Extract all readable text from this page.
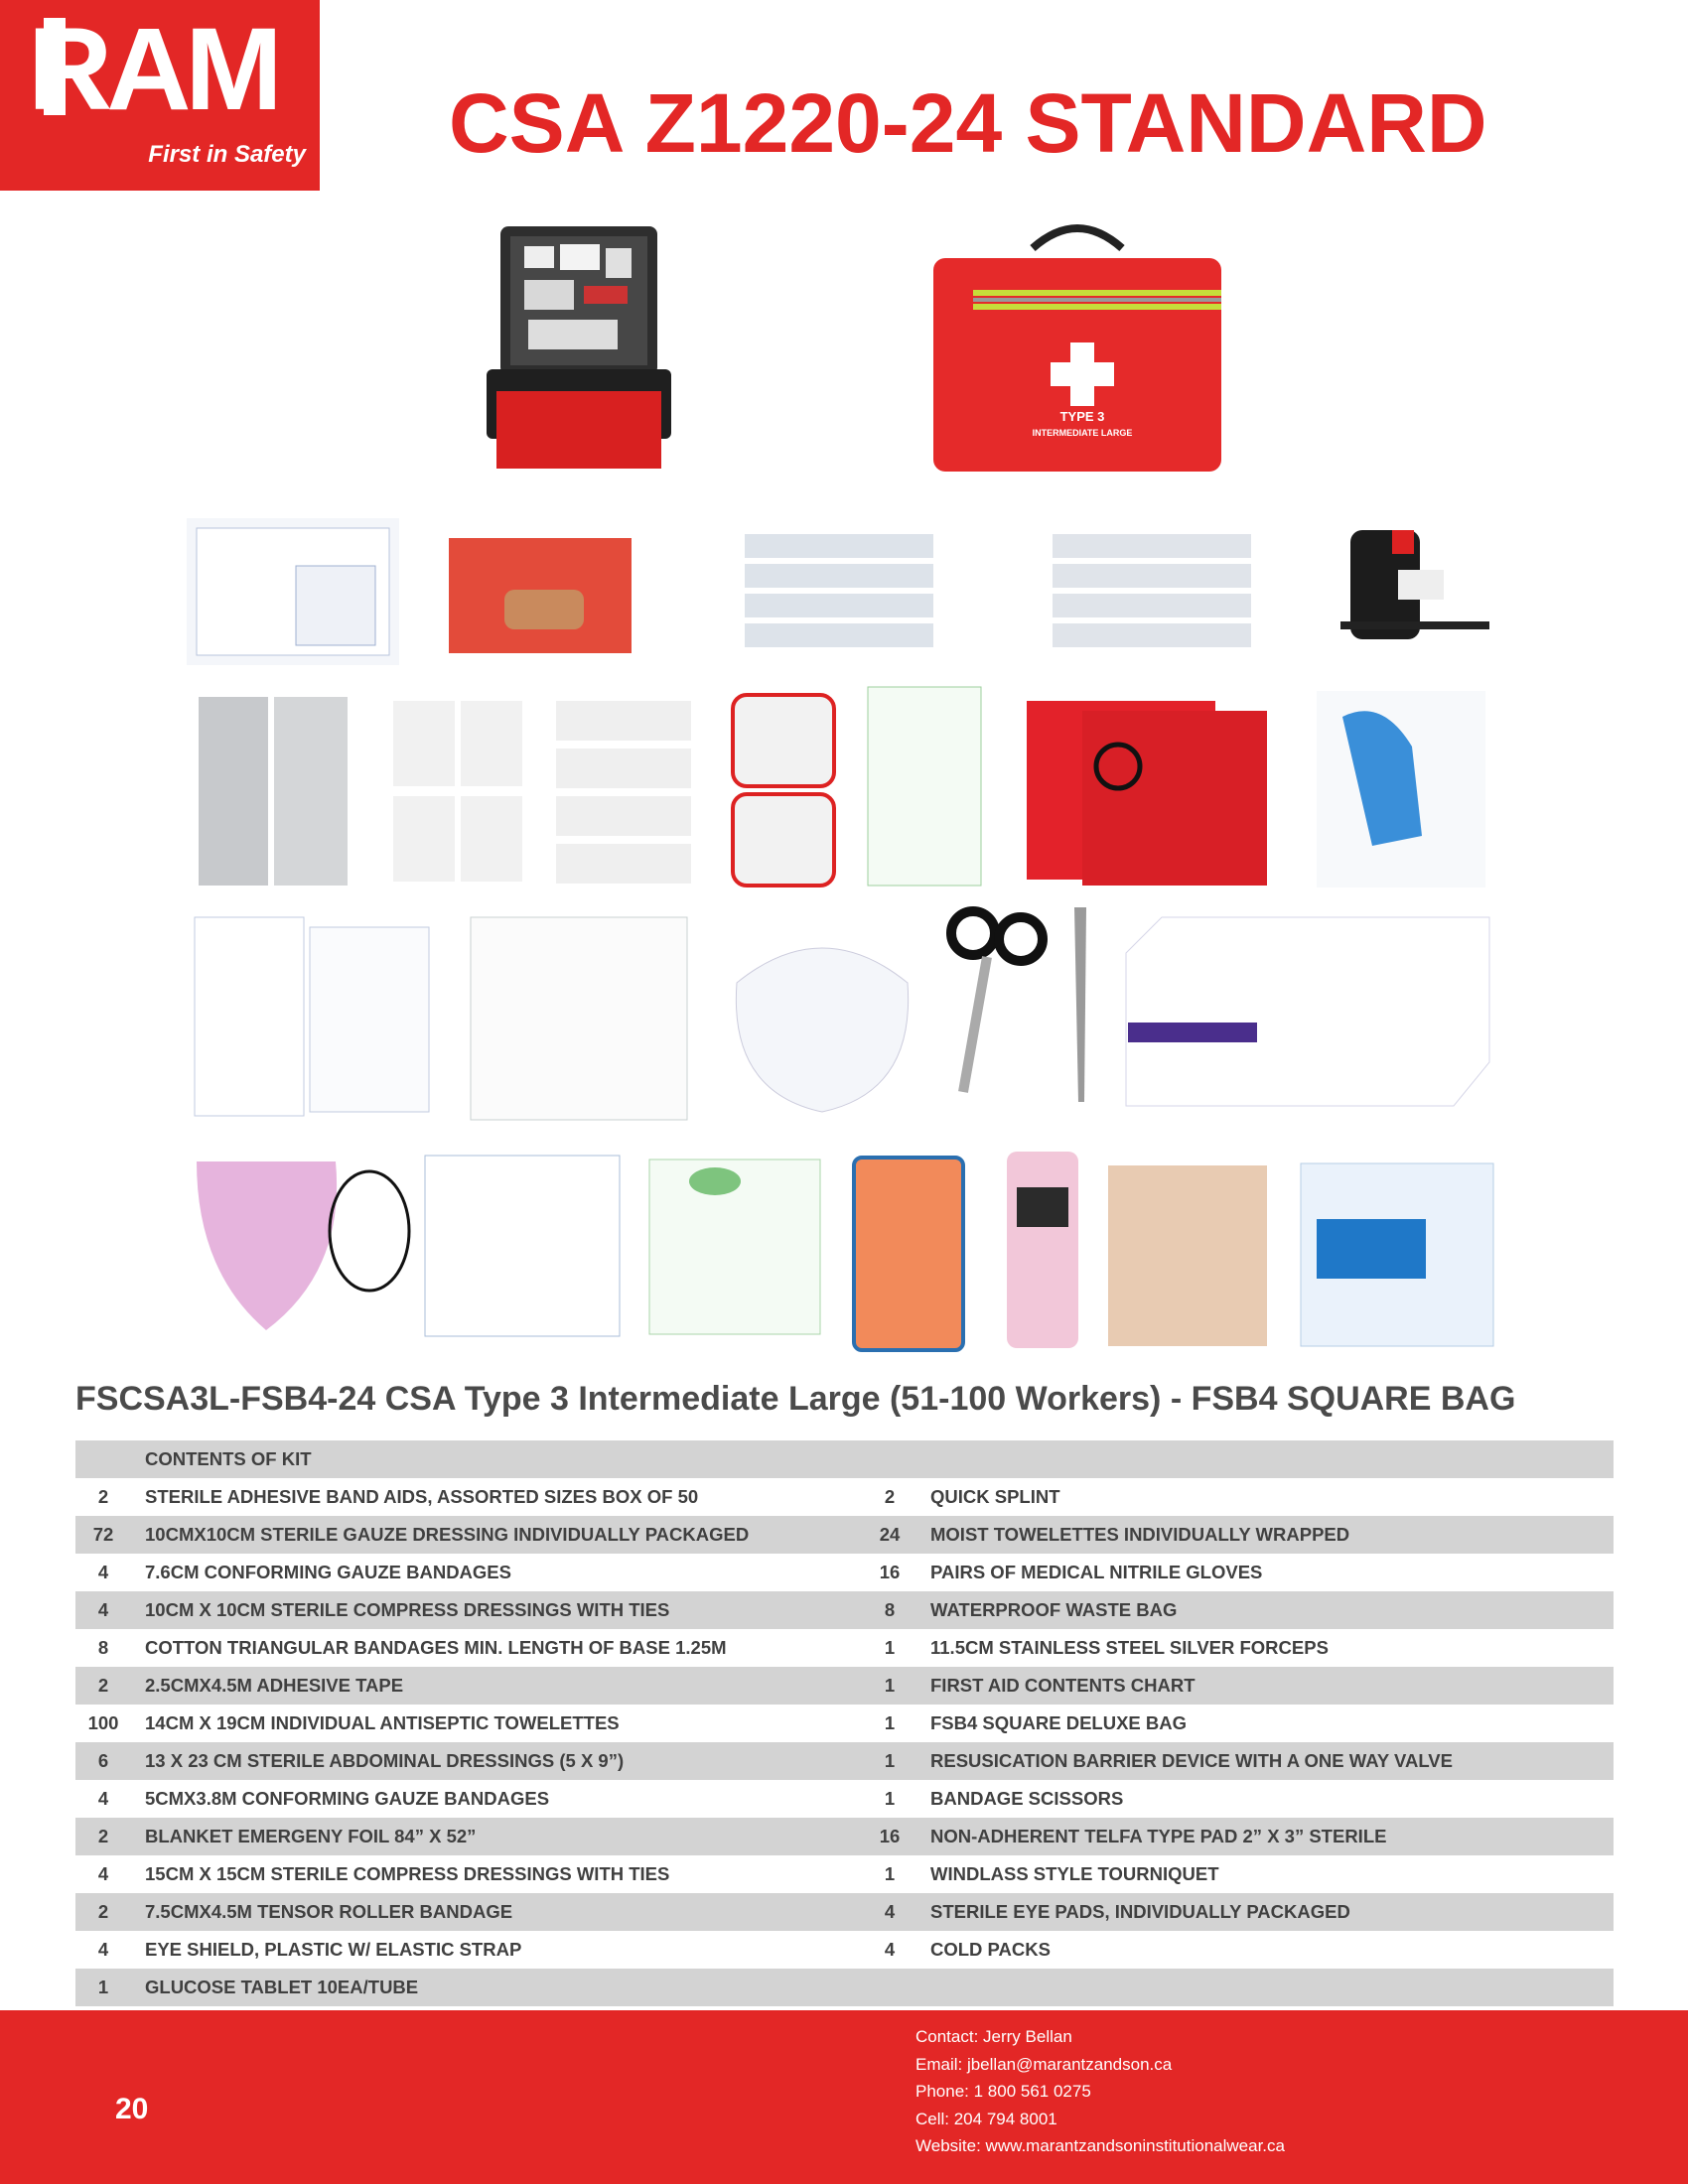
RAM
First in Safety CSA Z1220-24 STANDARD
TYPE 3
INTERMEDIATE LARGE
FSCSA3L-FSB4-24 CSA Type 3 Intermediate Large (51-100 Workers) - FSB4 SQUARE BAG
	CONTENTS OF KIT		
2	STERILE ADHESIVE BAND AIDS, ASSORTED SIZES BOX OF 50	2	QUICK SPLINT
72	10CMX10CM STERILE GAUZE DRESSING INDIVIDUALLY PACKAGED	24	MOIST TOWELETTES INDIVIDUALLY WRAPPED
4	7.6CM CONFORMING GAUZE BANDAGES	16	PAIRS OF MEDICAL NITRILE GLOVES
4	10CM X 10CM STERILE COMPRESS DRESSINGS WITH TIES	8	WATERPROOF WASTE BAG
8	COTTON TRIANGULAR BANDAGES MIN. LENGTH OF BASE 1.25M	1	11.5CM STAINLESS STEEL SILVER FORCEPS
2	2.5CMX4.5M ADHESIVE TAPE	1	FIRST AID CONTENTS CHART
100	14CM X 19CM INDIVIDUAL ANTISEPTIC TOWELETTES	1	FSB4 SQUARE DELUXE BAG
6	13 X 23 CM STERILE ABDOMINAL DRESSINGS (5 X 9”)	1	RESUSICATION BARRIER DEVICE WITH A ONE WAY VALVE
4	5CMX3.8M CONFORMING GAUZE BANDAGES	1	BANDAGE SCISSORS
2	BLANKET EMERGENY FOIL 84” X 52”	16	NON-ADHERENT TELFA TYPE PAD 2” X 3” STERILE
4	15CM X 15CM STERILE COMPRESS DRESSINGS WITH TIES	1	WINDLASS STYLE TOURNIQUET
2	7.5CMX4.5M TENSOR ROLLER BANDAGE	4	STERILE EYE PADS, INDIVIDUALLY PACKAGED
4	EYE SHIELD, PLASTIC W/ ELASTIC STRAP	4	COLD PACKS
1	GLUCOSE TABLET 10EA/TUBE		
20
Contact: Jerry Bellan
Email: jbellan@marantzandson.ca
Phone: 1 800 561 0275
Cell: 204 794 8001
Website: www.marantzandsoninstitutionalwear.ca
